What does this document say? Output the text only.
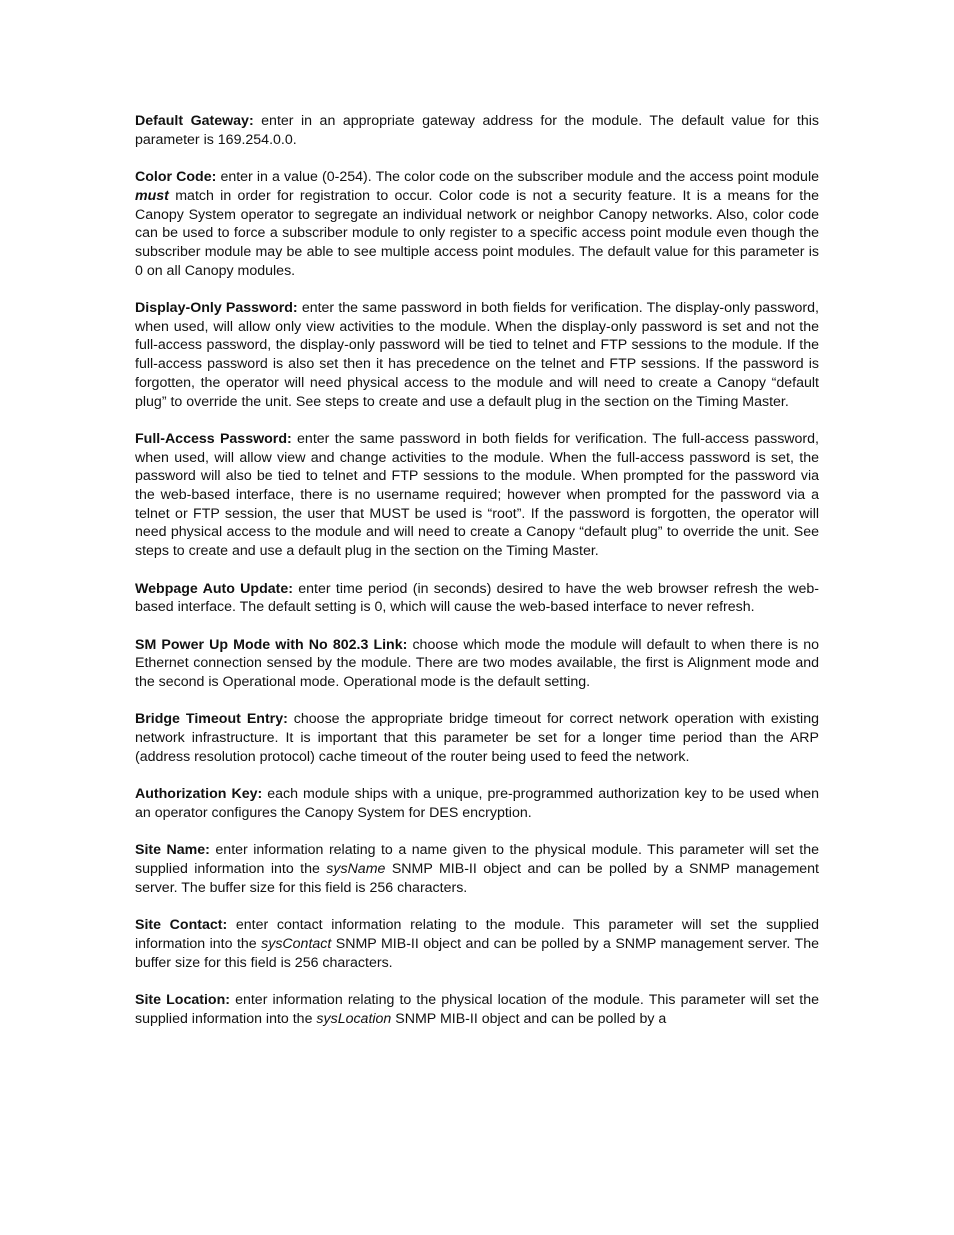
Default Gateway: enter in an appropriate gateway address for the module. The default value for this parameter is 169.254.0.0.

Color Code: enter in a value (0-254). The color code on the subscriber module and the access point module must match in order for registration to occur. Color code is not a security feature. It is a means for the Canopy System operator to segregate an individual network or neighbor Canopy networks. Also, color code can be used to force a subscriber module to only register to a specific access point module even though the subscriber module may be able to see multiple access point modules. The default value for this parameter is 0 on all Canopy modules.

Display-Only Password: enter the same password in both fields for verification. The display-only password, when used, will allow only view activities to the module. When the display-only password is set and not the full-access password, the display-only password will be tied to telnet and FTP sessions to the module. If the full-access password is also set then it has precedence on the telnet and FTP sessions. If the password is forgotten, the operator will need physical access to the module and will need to create a Canopy “default plug” to override the unit. See steps to create and use a default plug in the section on the Timing Master.

Full-Access Password: enter the same password in both fields for verification. The full-access password, when used, will allow view and change activities to the module. When the full-access password is set, the password will also be tied to telnet and FTP sessions to the module. When prompted for the password via the web-based interface, there is no username required; however when prompted for the password via a telnet or FTP session, the user that MUST be used is “root”. If the password is forgotten, the operator will need physical access to the module and will need to create a Canopy “default plug” to override the unit. See steps to create and use a default plug in the section on the Timing Master.

Webpage Auto Update: enter time period (in seconds) desired to have the web browser refresh the web-based interface. The default setting is 0, which will cause the web-based interface to never refresh.

SM Power Up Mode with No 802.3 Link: choose which mode the module will default to when there is no Ethernet connection sensed by the module. There are two modes available, the first is Alignment mode and the second is Operational mode. Operational mode is the default setting.

Bridge Timeout Entry: choose the appropriate bridge timeout for correct network operation with existing network infrastructure. It is important that this parameter be set for a longer time period than the ARP (address resolution protocol) cache timeout of the router being used to feed the network.

Authorization Key: each module ships with a unique, pre-programmed authorization key to be used when an operator configures the Canopy System for DES encryption.

Site Name: enter information relating to a name given to the physical module. This parameter will set the supplied information into the sysName SNMP MIB-II object and can be polled by a SNMP management server. The buffer size for this field is 256 characters.

Site Contact: enter contact information relating to the module. This parameter will set the supplied information into the sysContact SNMP MIB-II object and can be polled by a SNMP management server. The buffer size for this field is 256 characters.

Site Location: enter information relating to the physical location of the module. This parameter will set the supplied information into the sysLocation SNMP MIB-II object and can be polled by a
